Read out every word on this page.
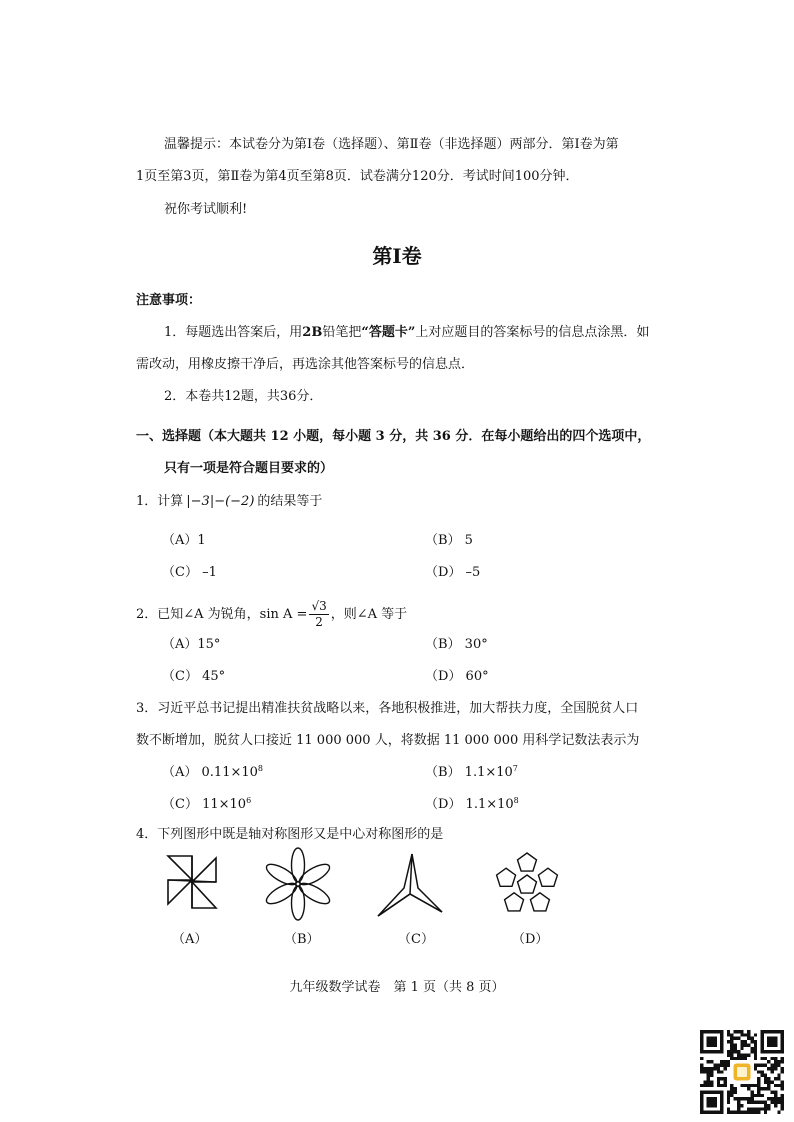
温馨提示：本试卷分为第Ⅰ卷（选择题）、第Ⅱ卷（非选择题）两部分．第Ⅰ卷为第
1页至第3页，第Ⅱ卷为第4页至第8页．试卷满分120分．考试时间100分钟．
祝你考试顺利!
第Ⅰ卷
注意事项：
1．每题选出答案后，用2B铅笔把“答题卡”上对应题目的答案标号的信息点涂黑．如
需改动，用橡皮擦干净后，再选涂其他答案标号的信息点．
2．本卷共12题，共36分．
一、选择题（本大题共 12 小题，每小题 3 分，共 36 分．在每小题给出的四个选项中，
只有一项是符合题目要求的）
1．计算 |−3|−(−2) 的结果等于
（A）1	（B） 5
（C） –1	（D） –5
2．已知∠A 为锐角，$\sin A = \frac{√3}{2}$ ，则∠A 等于
（A）15°	（B） 30°
（C） 45°	（D） 60°
3．习近平总书记提出精准扶贫战略以来，各地积极推进，加大帮扶力度，全国脱贫人口
数不断增加，脱贫人口接近 11 000 000 人，将数据 11 000 000 用科学记数法表示为
（A） $0.11\times 10^8$	（B） $1.1\times 10^7$
（C） $11\times 10^6$	（D） $1.1\times 10^8$
4．下列图形中既是轴对称图形又是中心对称图形的是
（A）	（B）	（C）	（D）
九年级数学试卷　第 1 页（共 8 页）
